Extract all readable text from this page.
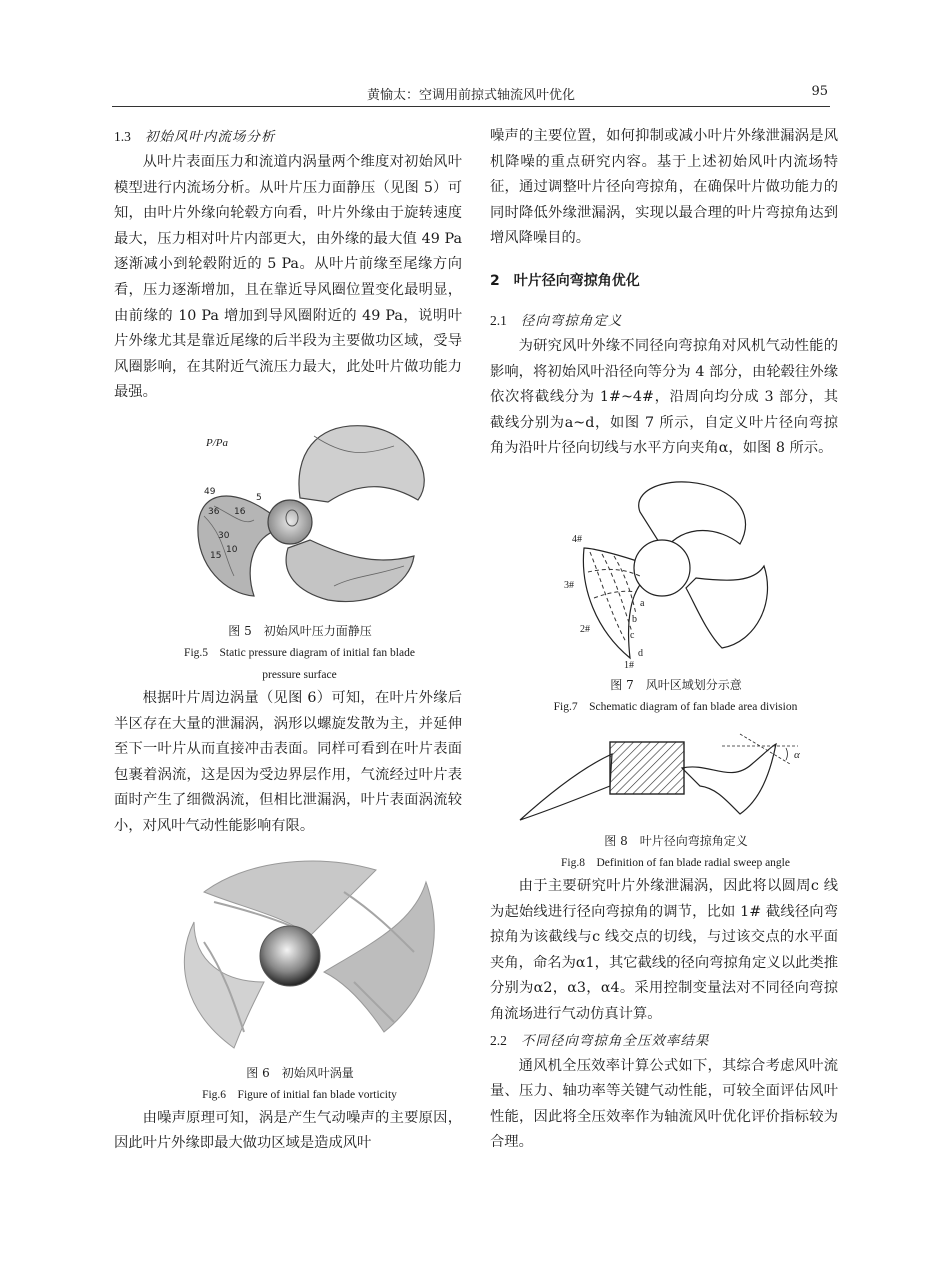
黄愉太：空调用前掠式轴流风叶优化	95
1.3 初始风叶内流场分析

从叶片表面压力和流道内涡量两个维度对初始风叶模型进行内流场分析。从叶片压力面静压（见图 5）可知，由叶片外缘向轮毂方向看，叶片外缘由于旋转速度最大，压力相对叶片内部更大，由外缘的最大值 49 Pa 逐渐减小到轮毂附近的 5 Pa。从叶片前缘至尾缘方向看，压力逐渐增加，且在靠近导风圈位置变化最明显，由前缘的 10 Pa 增加到导风圈附近的 49 Pa，说明叶片外缘尤其是靠近尾缘的后半段为主要做功区域，受导风圈影响，在其附近气流压力最大，此处叶片做功能力最强。

P/Pa
49
5
36 16
30
15
10

图 5　初始风叶压力面静压

Fig.5　Static pressure diagram of initial fan blade

pressure surface

根据叶片周边涡量（见图 6）可知，在叶片外缘后半区存在大量的泄漏涡，涡形以螺旋发散为主，并延伸至下一叶片从而直接冲击表面。同样可看到在叶片表面包裹着涡流，这是因为受边界层作用，气流经过叶片表面时产生了细微涡流，但相比泄漏涡，叶片表面涡流较小，对风叶气动性能影响有限。

图 6　初始风叶涡量

Fig.6　Figure of initial fan blade vorticity

由噪声原理可知，涡是产生气动噪声的主要原因，因此叶片外缘即最大做功区域是造成风叶

噪声的主要位置，如何抑制或减小叶片外缘泄漏涡是风机降噪的重点研究内容。基于上述初始风叶内流场特征，通过调整叶片径向弯掠角，在确保叶片做功能力的同时降低外缘泄漏涡，实现以最合理的叶片弯掠角达到增风降噪目的。

2 叶片径向弯掠角优化
2.1 径向弯掠角定义

为研究风叶外缘不同径向弯掠角对风机气动性能的影响，将初始风叶沿径向等分为 4 部分，由轮毂往外缘依次将截线分为 1#~4#，沿周向均分成 3 部分，其截线分别为a~d，如图 7 所示，自定义叶片径向弯掠角为沿叶片径向切线与水平方向夹角α，如图 8 所示。

4#
3#
2#
1#
a
b
c
d

图 7　风叶区域划分示意

Fig.7　Schematic diagram of fan blade area division

α

图 8　叶片径向弯掠角定义

Fig.8　Definition of fan blade radial sweep angle

由于主要研究叶片外缘泄漏涡，因此将以圆周c 线为起始线进行径向弯掠角的调节，比如 1# 截线径向弯掠角为该截线与c 线交点的切线，与过该交点的水平面夹角，命名为α1，其它截线的径向弯掠角定义以此类推分别为α2，α3，α4。采用控制变量法对不同径向弯掠角流场进行气动仿真计算。

2.2 不同径向弯掠角全压效率结果

通风机全压效率计算公式如下，其综合考虑风叶流量、压力、轴功率等关键气动性能，可较全面评估风叶性能，因此将全压效率作为轴流风叶优化评价指标较为合理。
